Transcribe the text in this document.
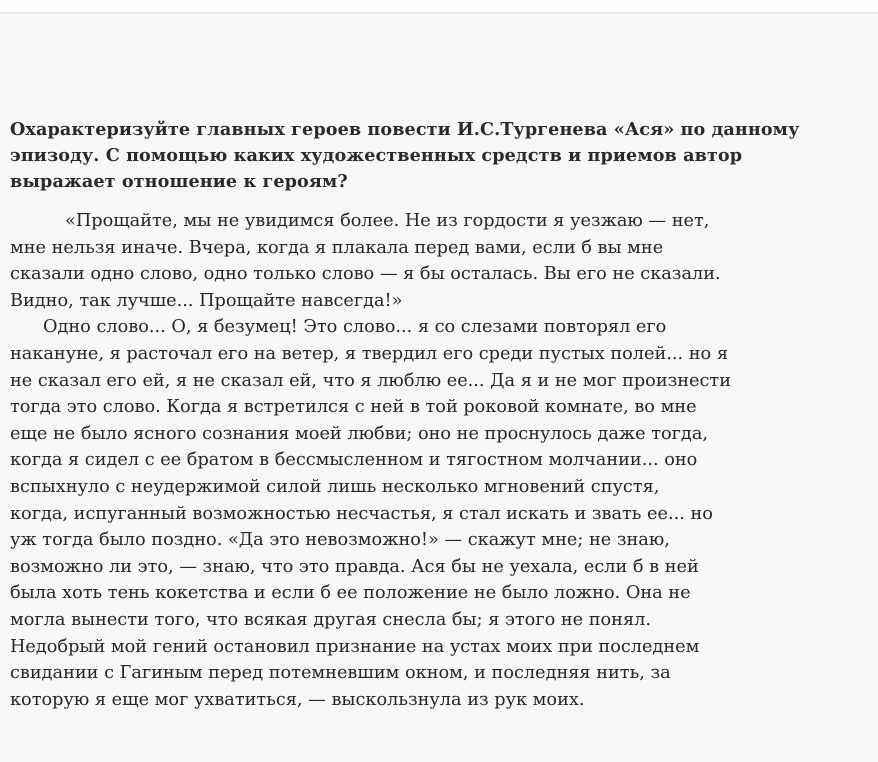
Охарактеризуйте главных героев повести И.С.Тургенева «Ася» по данному
эпизоду. С помощью каких художественных средств и приемов автор
выражает отношение к героям?
«Прощайте, мы не увидимся более. Не из гордости я уезжаю — нет,
мне нельзя иначе. Вчера, когда я плакала перед вами, если б вы мне
сказали одно слово, одно только слово — я бы осталась. Вы его не сказали.
Видно, так лучше... Прощайте навсегда!»
Одно слово... О, я безумец! Это слово... я со слезами повторял его
накануне, я расточал его на ветер, я твердил его среди пустых полей... но я
не сказал его ей, я не сказал ей, что я люблю ее... Да я и не мог произнести
тогда это слово. Когда я встретился с ней в той роковой комнате, во мне
еще не было ясного сознания моей любви; оно не проснулось даже тогда,
когда я сидел с ее братом в бессмысленном и тягостном молчании... оно
вспыхнуло с неудержимой силой лишь несколько мгновений спустя,
когда, испуганный возможностью несчастья, я стал искать и звать ее... но
уж тогда было поздно. «Да это невозможно!» — скажут мне; не знаю,
возможно ли это, — знаю, что это правда. Ася бы не уехала, если б в ней
была хоть тень кокетства и если б ее положение не было ложно. Она не
могла вынести того, что всякая другая снесла бы; я этого не понял.
Недобрый мой гений остановил признание на устах моих при последнем
свидании с Гагиным перед потемневшим окном, и последняя нить, за
которую я еще мог ухватиться, — выскользнула из рук моих.
